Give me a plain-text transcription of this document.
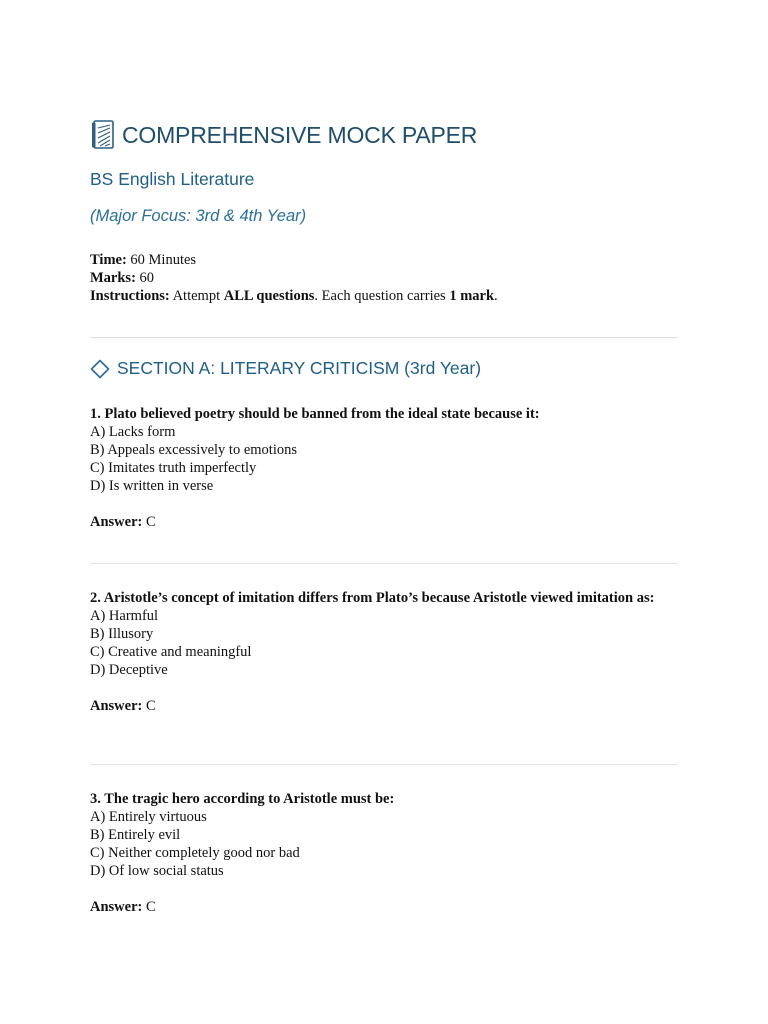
COMPREHENSIVE MOCK PAPER
BS English Literature
(Major Focus: 3rd & 4th Year)
Time: 60 Minutes
Marks: 60
Instructions: Attempt ALL questions. Each question carries 1 mark.
SECTION A: LITERARY CRITICISM (3rd Year)
1. Plato believed poetry should be banned from the ideal state because it:
A) Lacks form
B) Appeals excessively to emotions
C) Imitates truth imperfectly
D) Is written in verse
Answer: C
2. Aristotle’s concept of imitation differs from Plato’s because Aristotle viewed imitation as:
A) Harmful
B) Illusory
C) Creative and meaningful
D) Deceptive
Answer: C
3. The tragic hero according to Aristotle must be:
A) Entirely virtuous
B) Entirely evil
C) Neither completely good nor bad
D) Of low social status
Answer: C
